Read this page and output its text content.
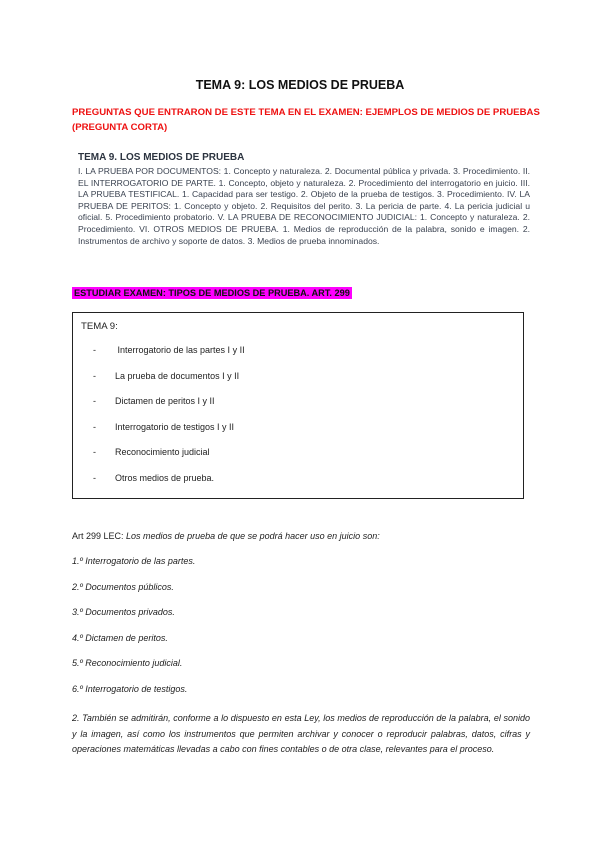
TEMA 9: LOS MEDIOS DE PRUEBA
PREGUNTAS QUE ENTRARON DE ESTE TEMA EN EL EXAMEN: EJEMPLOS DE MEDIOS DE PRUEBAS (PREGUNTA CORTA)
TEMA 9. LOS MEDIOS DE PRUEBA
I. LA PRUEBA POR DOCUMENTOS: 1. Concepto y naturaleza. 2. Documental pública y privada. 3. Procedimiento. II. EL INTERROGATORIO DE PARTE. 1. Concepto, objeto y naturaleza. 2. Procedimiento del interrogatorio en juicio. III. LA PRUEBA TESTIFICAL. 1. Capacidad para ser testigo. 2. Objeto de la prueba de testigos. 3. Procedimiento. IV. LA PRUEBA DE PERITOS: 1. Concepto y objeto. 2. Requisitos del perito. 3. La pericia de parte. 4. La pericia judicial u oficial. 5. Procedimiento probatorio. V. LA PRUEBA DE RECONOCIMIENTO JUDICIAL: 1. Concepto y naturaleza. 2. Procedimiento. VI. OTROS MEDIOS DE PRUEBA. 1. Medios de reproducción de la palabra, sonido e imagen. 2. Instrumentos de archivo y soporte de datos. 3. Medios de prueba innominados.
ESTUDIAR EXAMEN: TIPOS DE MEDIOS DE PRUEBA. ART. 299
TEMA 9:
-	Interrogatorio de las partes I y II
-	La prueba de documentos I y II
-	Dictamen de peritos I y II
-	Interrogatorio de testigos I y II
-	Reconocimiento judicial
-	Otros medios de prueba.
Art 299 LEC: Los medios de prueba de que se podrá hacer uso en juicio son:

1.º Interrogatorio de las partes.

2.º Documentos públicos.

3.º Documentos privados.

4.º Dictamen de peritos.

5.º Reconocimiento judicial.

6.º Interrogatorio de testigos.

2. También se admitirán, conforme a lo dispuesto en esta Ley, los medios de reproducción de la palabra, el sonido y la imagen, así como los instrumentos que permiten archivar y conocer o reproducir palabras, datos, cifras y operaciones matemáticas llevadas a cabo con fines contables o de otra clase, relevantes para el proceso.
